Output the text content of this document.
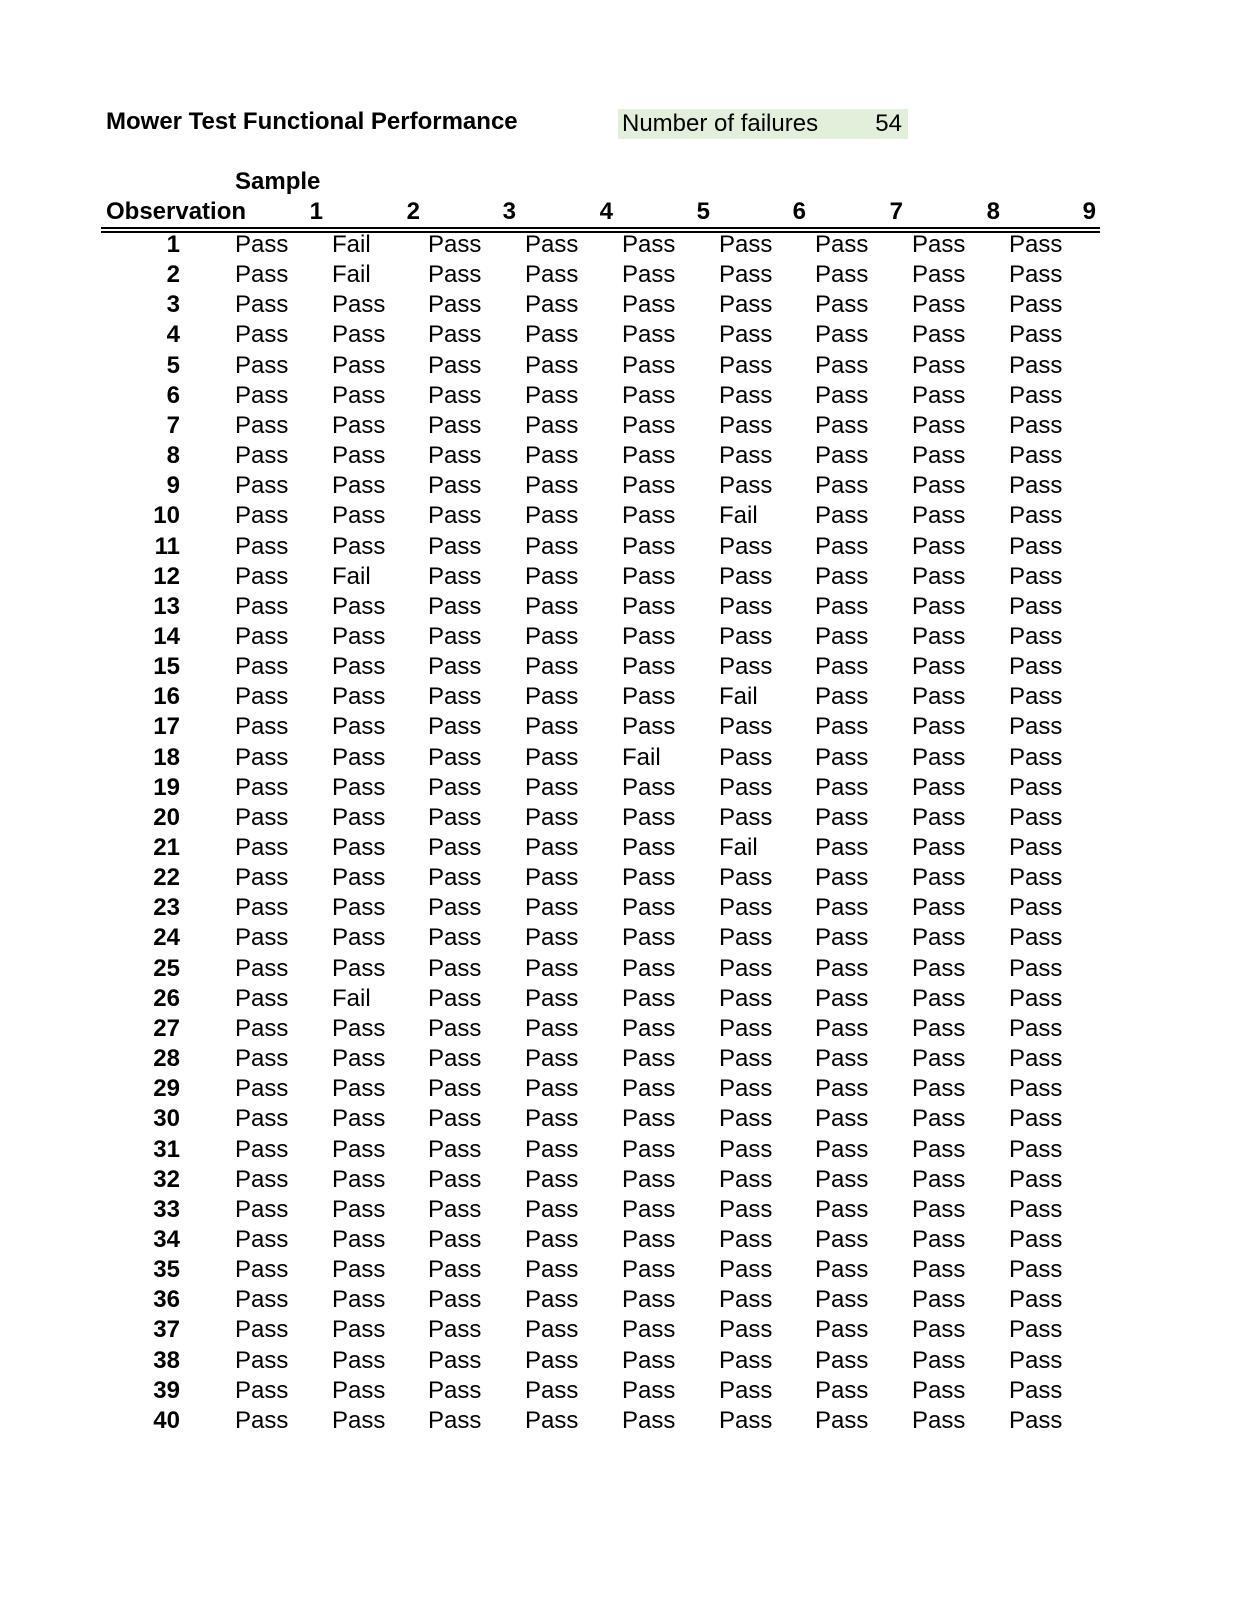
Mower Test Functional Performance	Number of failures 54
Sample
Observation	1	2	3	4	5	6	7	8	9
1 Pass Fail Pass Pass Pass Pass Pass Pass Pass
2 Pass Fail Pass Pass Pass Pass Pass Pass Pass
3 Pass Pass Pass Pass Pass Pass Pass Pass Pass
4 Pass Pass Pass Pass Pass Pass Pass Pass Pass
5 Pass Pass Pass Pass Pass Pass Pass Pass Pass
6 Pass Pass Pass Pass Pass Pass Pass Pass Pass
7 Pass Pass Pass Pass Pass Pass Pass Pass Pass
8 Pass Pass Pass Pass Pass Pass Pass Pass Pass
9 Pass Pass Pass Pass Pass Pass Pass Pass Pass
10 Pass Pass Pass Pass Pass Fail Pass Pass Pass
11 Pass Pass Pass Pass Pass Pass Pass Pass Pass
12 Pass Fail Pass Pass Pass Pass Pass Pass Pass
13 Pass Pass Pass Pass Pass Pass Pass Pass Pass
14 Pass Pass Pass Pass Pass Pass Pass Pass Pass
15 Pass Pass Pass Pass Pass Pass Pass Pass Pass
16 Pass Pass Pass Pass Pass Fail Pass Pass Pass
17 Pass Pass Pass Pass Pass Pass Pass Pass Pass
18 Pass Pass Pass Pass Fail Pass Pass Pass Pass
19 Pass Pass Pass Pass Pass Pass Pass Pass Pass
20 Pass Pass Pass Pass Pass Pass Pass Pass Pass
21 Pass Pass Pass Pass Pass Fail Pass Pass Pass
22 Pass Pass Pass Pass Pass Pass Pass Pass Pass
23 Pass Pass Pass Pass Pass Pass Pass Pass Pass
24 Pass Pass Pass Pass Pass Pass Pass Pass Pass
25 Pass Pass Pass Pass Pass Pass Pass Pass Pass
26 Pass Fail Pass Pass Pass Pass Pass Pass Pass
27 Pass Pass Pass Pass Pass Pass Pass Pass Pass
28 Pass Pass Pass Pass Pass Pass Pass Pass Pass
29 Pass Pass Pass Pass Pass Pass Pass Pass Pass
30 Pass Pass Pass Pass Pass Pass Pass Pass Pass
31 Pass Pass Pass Pass Pass Pass Pass Pass Pass
32 Pass Pass Pass Pass Pass Pass Pass Pass Pass
33 Pass Pass Pass Pass Pass Pass Pass Pass Pass
34 Pass Pass Pass Pass Pass Pass Pass Pass Pass
35 Pass Pass Pass Pass Pass Pass Pass Pass Pass
36 Pass Pass Pass Pass Pass Pass Pass Pass Pass
37 Pass Pass Pass Pass Pass Pass Pass Pass Pass
38 Pass Pass Pass Pass Pass Pass Pass Pass Pass
39 Pass Pass Pass Pass Pass Pass Pass Pass Pass
40 Pass Pass Pass Pass Pass Pass Pass Pass Pass
